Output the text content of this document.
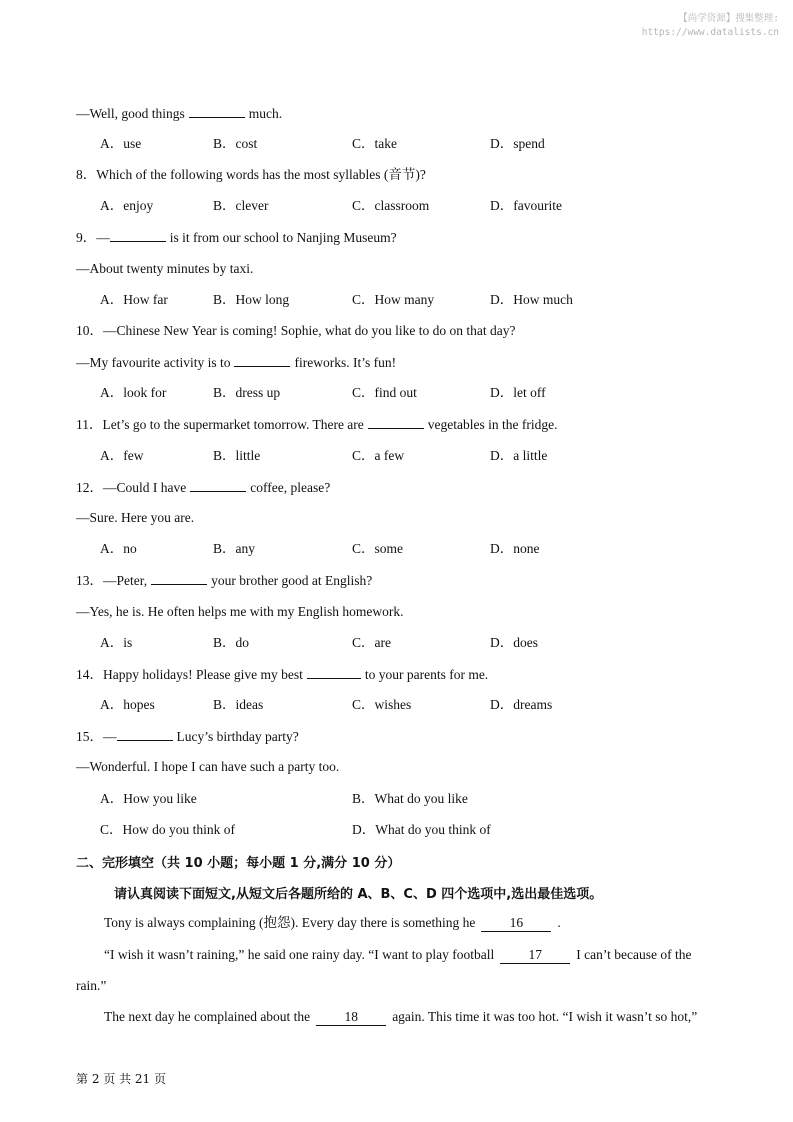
【尚学资源】搜集整理:
https://www.datalists.cn
—Well, good things	much.
A．use	B．cost	C．take	D．spend
8．Which of the following words has the most syllables (音节)?
A．enjoy	B．clever	C．classroom	D．favourite
9．—	is it from our school to Nanjing Museum?
—About twenty minutes by taxi.
A．How far	B．How long	C．How many	D．How much
10．—Chinese New Year is coming! Sophie, what do you like to do on that day?
—My favourite activity is to	fireworks. It’s fun!
A．look for	B．dress up	C．find out	D．let off
11．Let’s go to the supermarket tomorrow. There are	vegetables in the fridge.
A．few	B．little	C．a few	D．a little
12．—Could I have	coffee, please?
—Sure. Here you are.
A．no	B．any	C．some	D．none
13．—Peter,	your brother good at English?
—Yes, he is. He often helps me with my English homework.
A．is	B．do	C．are	D．does
14．Happy holidays! Please give my best	to your parents for me.
A．hopes	B．ideas	C．wishes	D．dreams
15．—	Lucy’s birthday party?
—Wonderful. I hope I can have such a party too.
A．How you like	B．What do you like
C．How do you think of	D．What do you think of
二、完形填空（共 10 小题；每小题 1 分,满分 10 分）
请认真阅读下面短文,从短文后各题所给的 A、B、C、D 四个选项中,选出最佳选项。
Tony is always complaining (抱怨). Every day there is something he	16	.
“I wish it wasn’t raining,” he said one rainy day. “I want to play football	17	I can’t because of the
rain.”
The next day he complained about the	18	again. This time it was too hot. “I wish it wasn’t so hot,”
第 2 页 共 21 页
